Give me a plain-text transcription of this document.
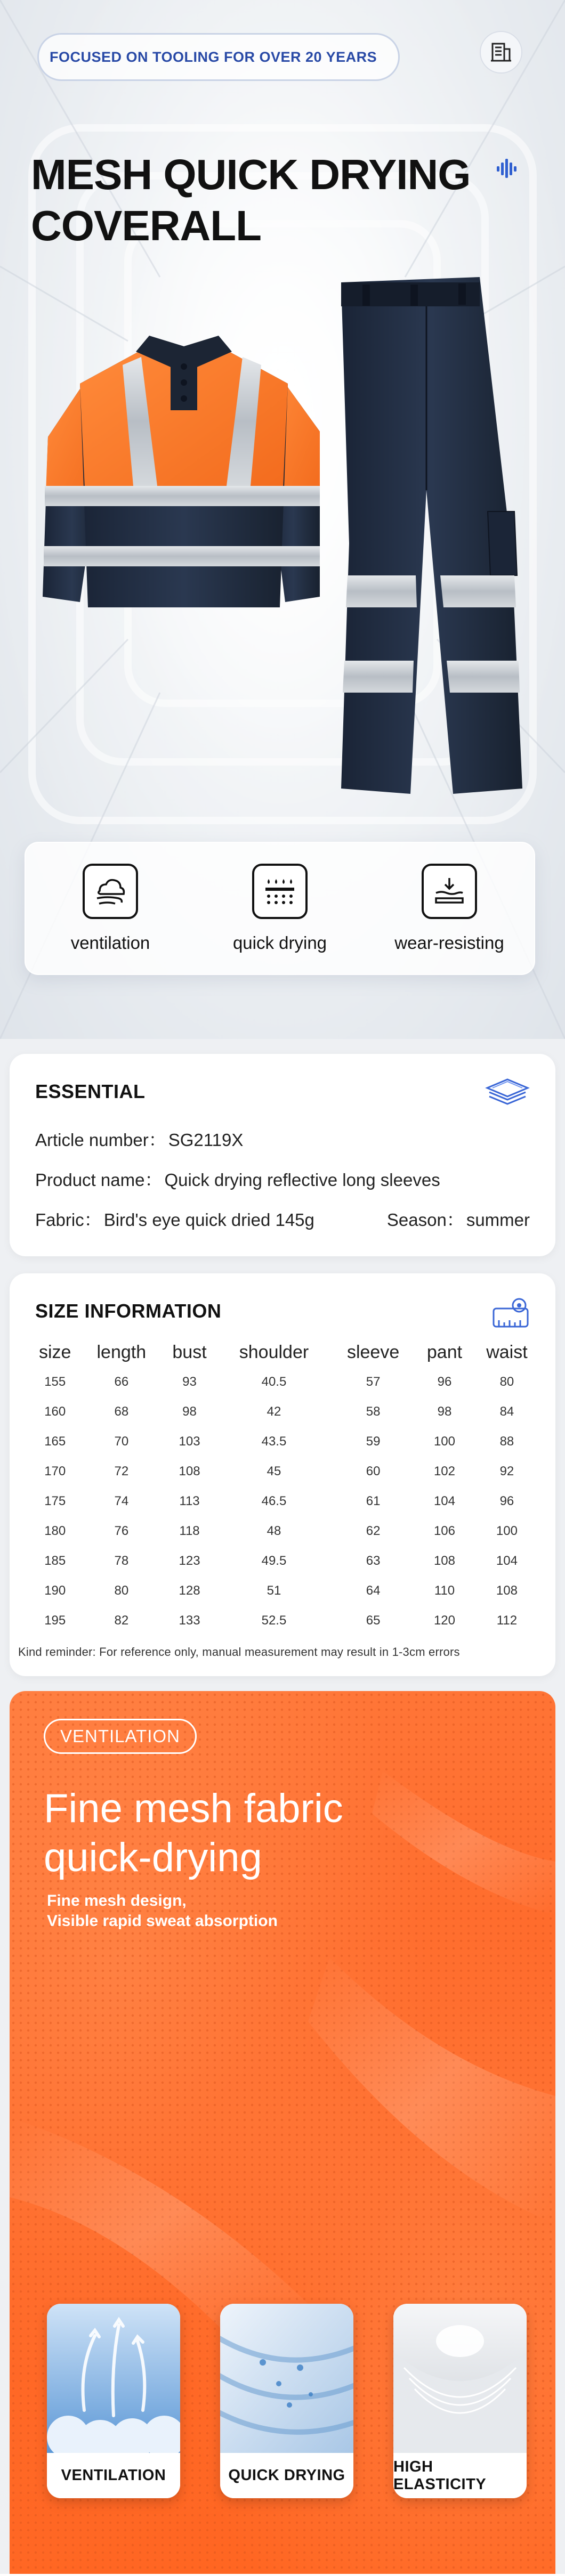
FOCUSED ON TOOLING FOR OVER 20 YEARS
MESH QUICK DRYING
COVERALL
ventilation	quick drying	wear-resisting
ESSENTIAL
Article number： SG2119X
Product name： Quick drying reflective long sleeves
Fabric： Bird's eye quick dried 145g	Season： summer
SIZE INFORMATION
size	length	bust	shoulder	sleeve	pant	waist
155	66	93	40.5	57	96	80
160	68	98	42	58	98	84
165	70	103	43.5	59	100	88
170	72	108	45	60	102	92
175	74	113	46.5	61	104	96
180	76	118	48	62	106	100
185	78	123	49.5	63	108	104
190	80	128	51	64	110	108
195	82	133	52.5	65	120	112
Kind reminder: For reference only, manual measurement may result in 1-3cm errors
VENTILATION
Fine mesh fabric
quick-drying
Fine mesh design,
Visible rapid sweat absorption
VENTILATION	QUICK DRYING
HIGH ELASTICITY
